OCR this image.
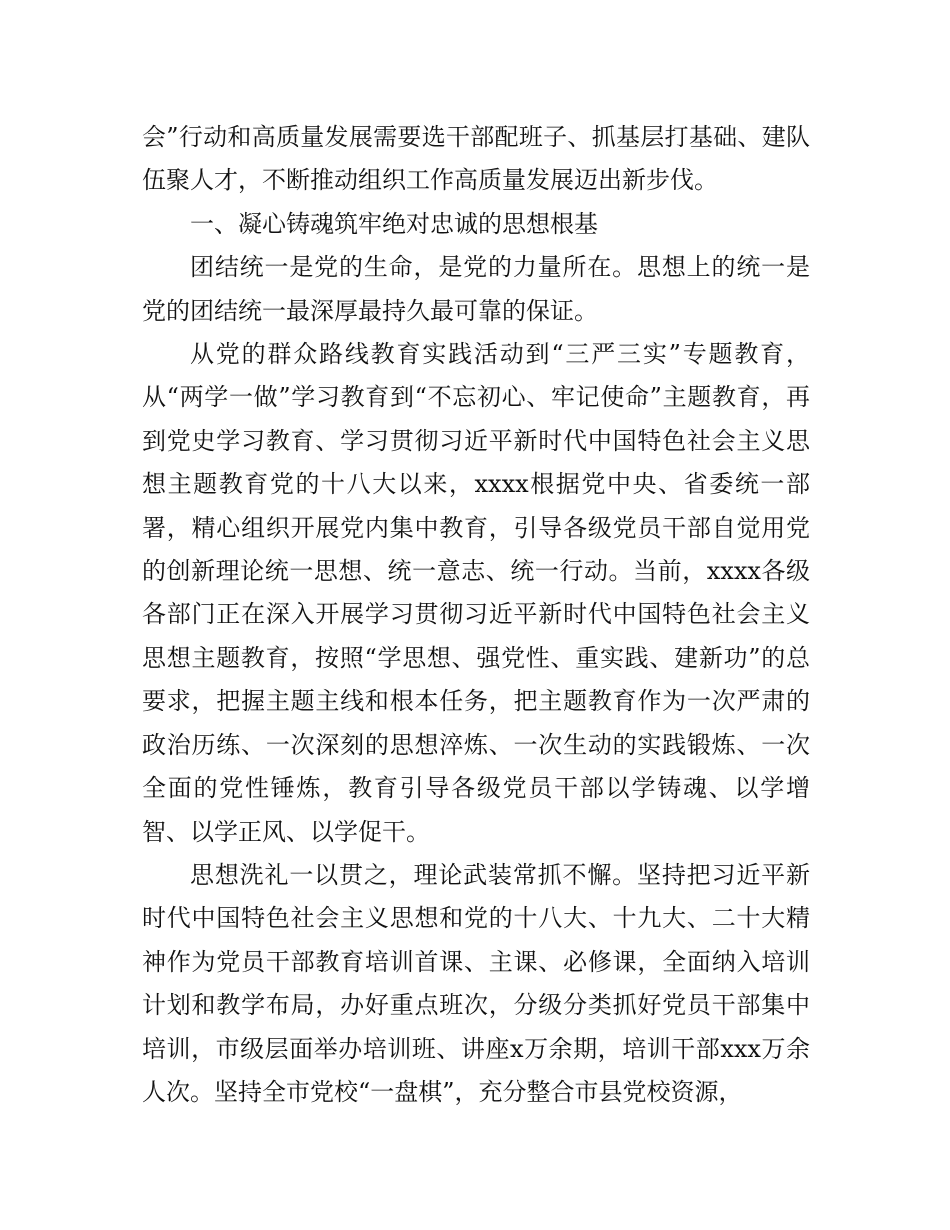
会”行动和高质量发展需要选干部配班子、抓基层打基础、建队伍聚人才，不断推动组织工作高质量发展迈出新步伐。

一、凝心铸魂筑牢绝对忠诚的思想根基

团结统一是党的生命，是党的力量所在。思想上的统一是党的团结统一最深厚最持久最可靠的保证。

从党的群众路线教育实践活动到“三严三实”专题教育，从“两学一做”学习教育到“不忘初心、牢记使命”主题教育，再到党史学习教育、学习贯彻习近平新时代中国特色社会主义思想主题教育党的十八大以来，xxxx根据党中央、省委统一部署，精心组织开展党内集中教育，引导各级党员干部自觉用党的创新理论统一思想、统一意志、统一行动。当前，xxxx各级各部门正在深入开展学习贯彻习近平新时代中国特色社会主义思想主题教育，按照“学思想、强党性、重实践、建新功”的总要求，把握主题主线和根本任务，把主题教育作为一次严肃的政治历练、一次深刻的思想淬炼、一次生动的实践锻炼、一次全面的党性锤炼，教育引导各级党员干部以学铸魂、以学增智、以学正风、以学促干。

思想洗礼一以贯之，理论武装常抓不懈。坚持把习近平新时代中国特色社会主义思想和党的十八大、十九大、二十大精神作为党员干部教育培训首课、主课、必修课，全面纳入培训计划和教学布局，办好重点班次，分级分类抓好党员干部集中培训，市级层面举办培训班、讲座x万余期，培训干部xxx万余人次。坚持全市党校“一盘棋”，充分整合市县党校资源，
